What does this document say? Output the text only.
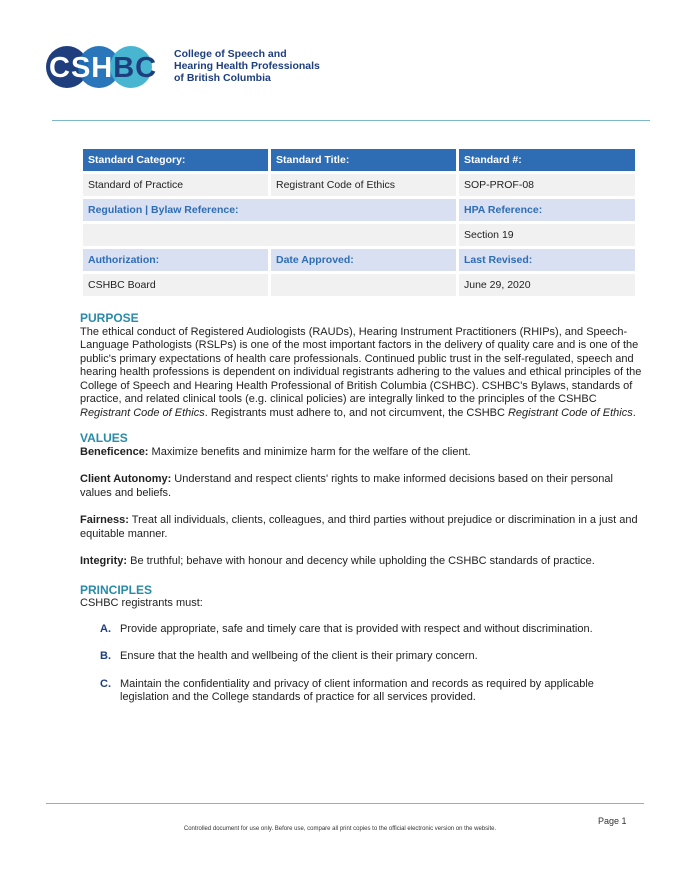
CSHBC	College of Speech and
Hearing Health Professionals
of British Columbia
Standard Category:	Standard Title:	Standard #:
Standard of Practice	Registrant Code of Ethics	SOP-PROF-08
Regulation | Bylaw Reference:		HPA Reference:
		Section 19
Authorization:	Date Approved:	Last Revised:
CSHBC Board		June 29, 2020
PURPOSE

The ethical conduct of Registered Audiologists (RAUDs), Hearing Instrument Practitioners (RHIPs), and Speech-Language Pathologists (RSLPs) is one of the most important factors in the delivery of quality care and is one of the public's primary expectations of health care professionals. Continued public trust in the self-regulated, speech and hearing health professions is dependent on individual registrants adhering to the values and ethical principles of the College of Speech and Hearing Health Professional of British Columbia (CSHBC). CSHBC's Bylaws, standards of practice, and related clinical tools (e.g. clinical policies) are integrally linked to the principles of the CSHBC Registrant Code of Ethics. Registrants must adhere to, and not circumvent, the CSHBC Registrant Code of Ethics.

VALUES

Beneficence: Maximize benefits and minimize harm for the welfare of the client.

Client Autonomy: Understand and respect clients' rights to make informed decisions based on their personal values and beliefs.

Fairness: Treat all individuals, clients, colleagues, and third parties without prejudice or discrimination in a just and equitable manner.

Integrity: Be truthful; behave with honour and decency while upholding the CSHBC standards of practice.

PRINCIPLES

CSHBC registrants must:

A. Provide appropriate, safe and timely care that is provided with respect and without discrimination.
B. Ensure that the health and wellbeing of the client is their primary concern.
C. Maintain the confidentiality and privacy of client information and records as required by applicable legislation and the College standards of practice for all services provided.
Page 1
Controlled document for use only. Before use, compare all print copies to the official electronic version on the website.
